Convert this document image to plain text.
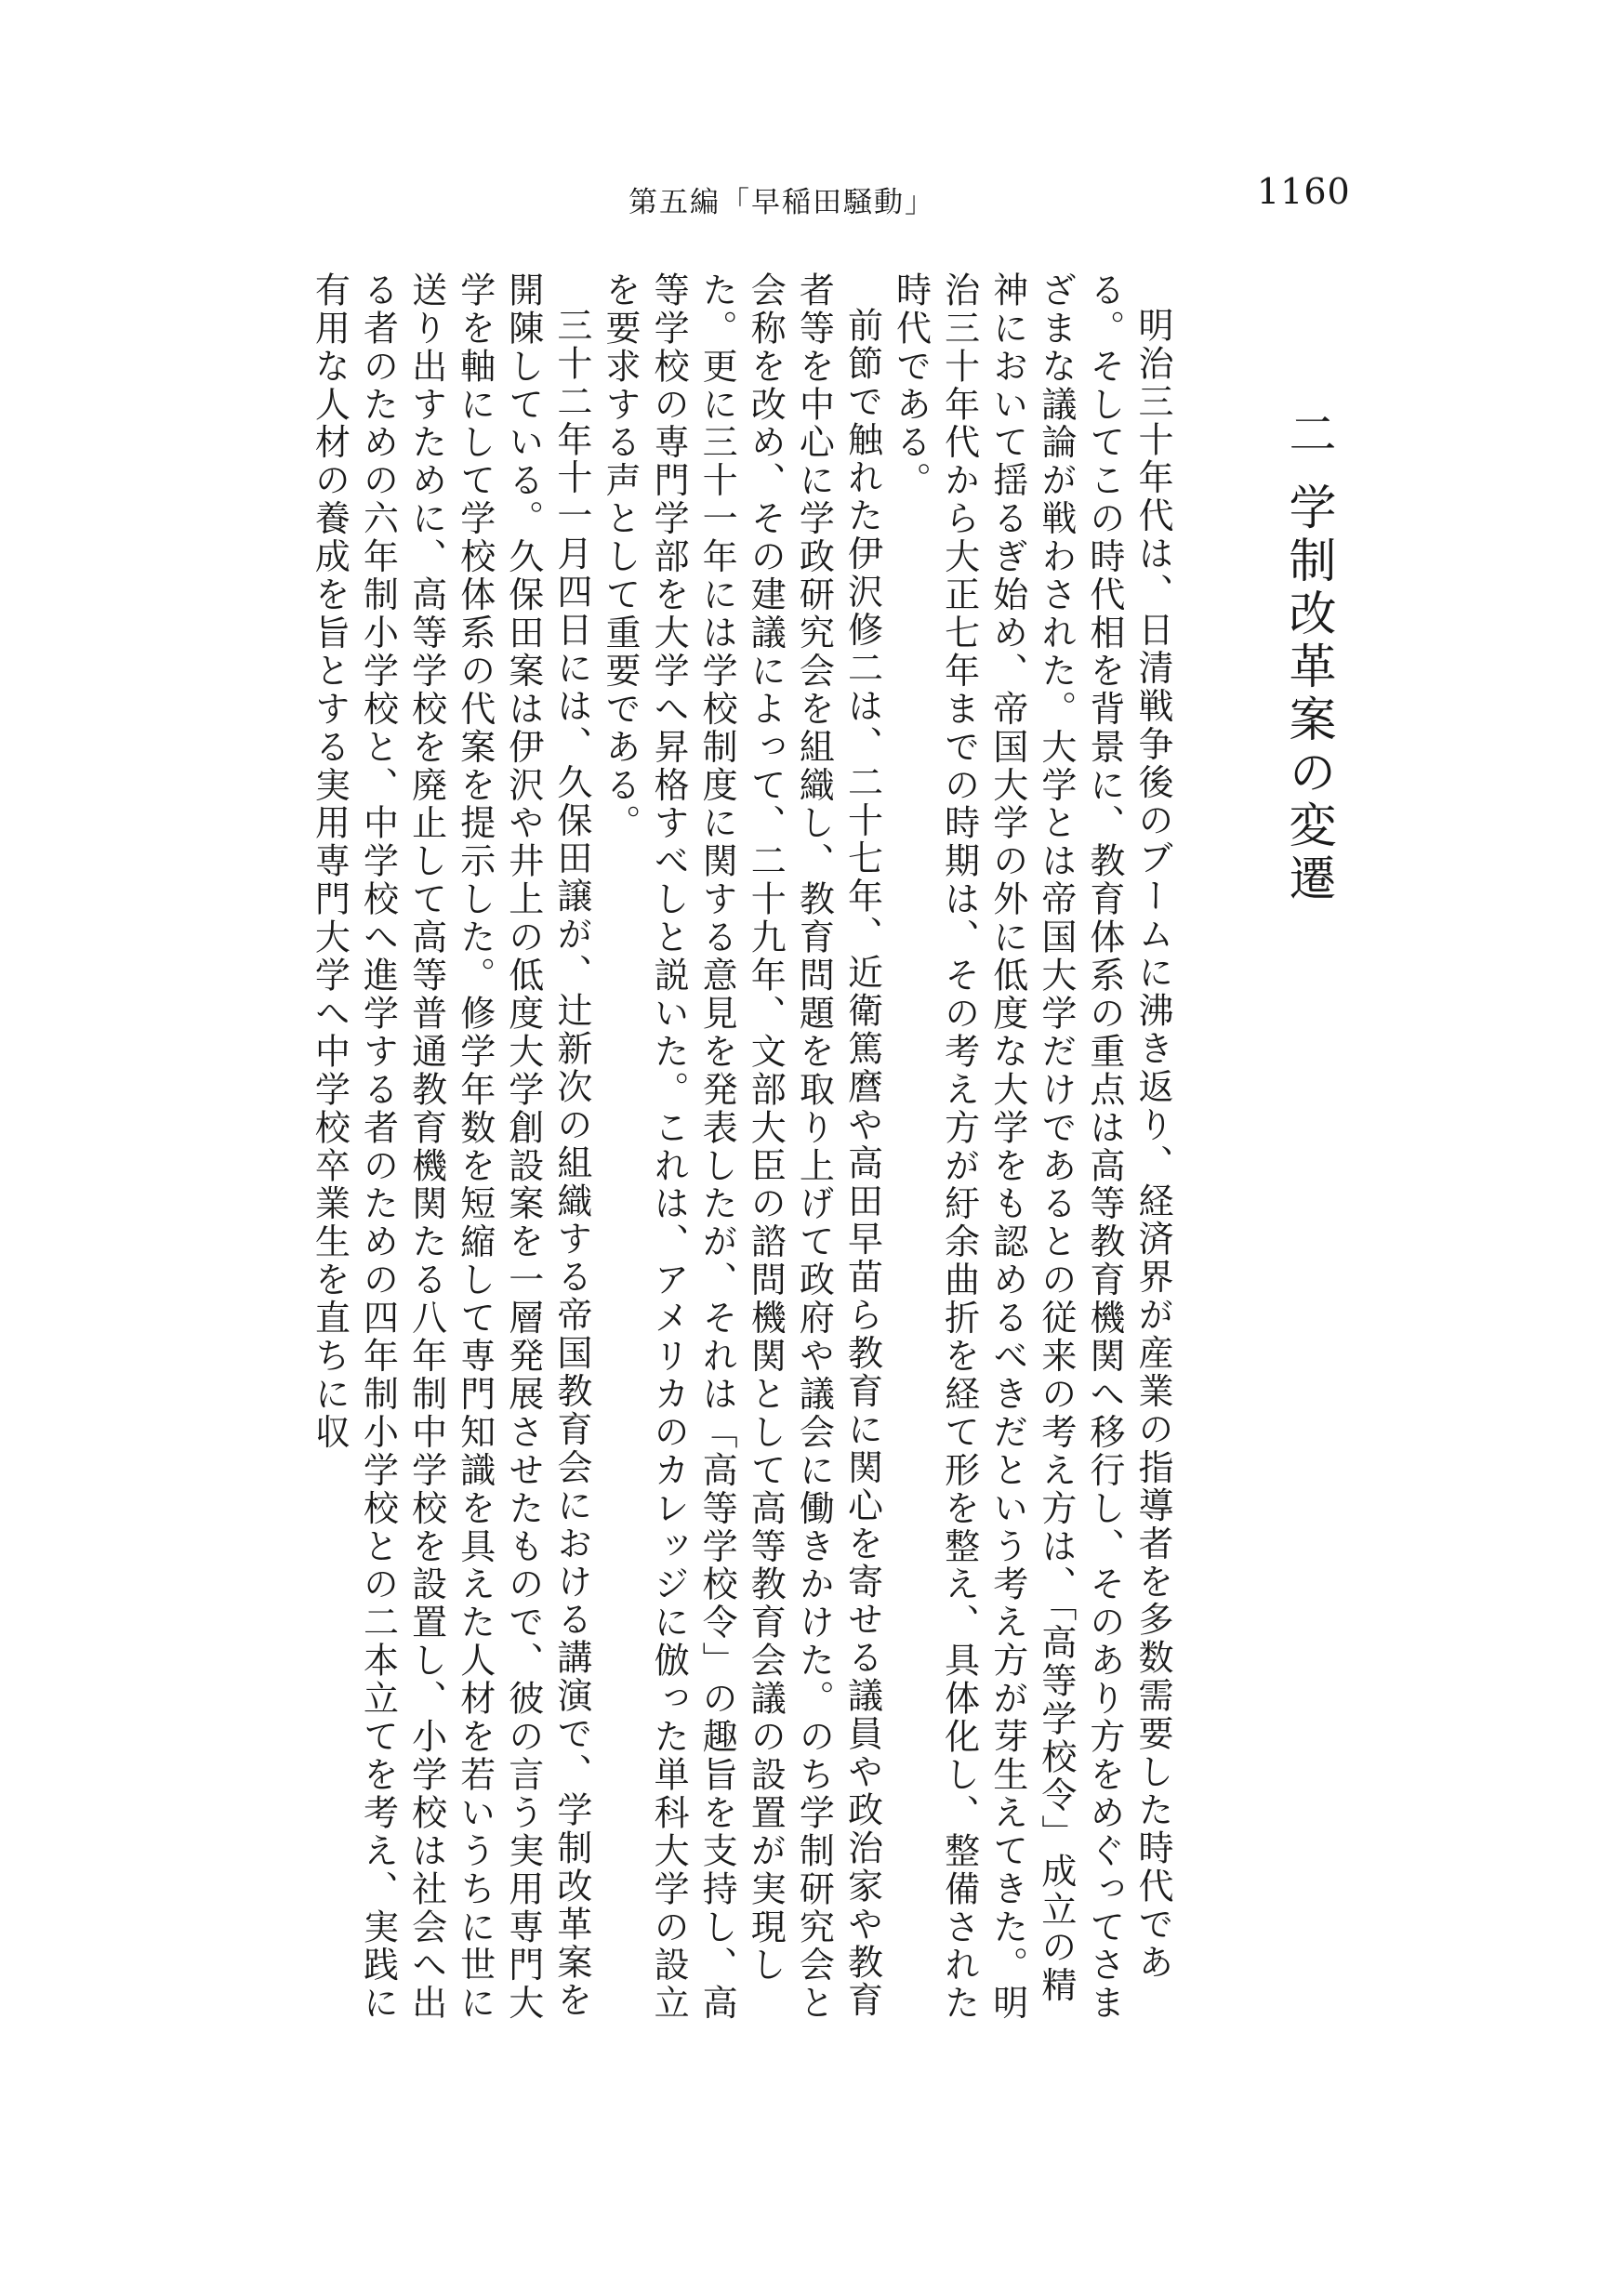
第五編「早稲田騒動」	1160
二 学制改革案の変遷

明治三十年代は、日清戦争後のブームに沸き返り、経済界が産業の指導者を多数需要した時代である。そしてこの時代相を背景に、教育体系の重点は高等教育機関へ移行し、そのあり方をめぐってさまざまな議論が戦わされた。大学とは帝国大学だけであるとの従来の考え方は、「高等学校令」成立の精神において揺るぎ始め、帝国大学の外に低度な大学をも認めるべきだという考え方が芽生えてきた。明治三十年代から大正七年までの時期は、その考え方が紆余曲折を経て形を整え、具体化し、整備された時代である。

前節で触れた伊沢修二は、二十七年、近衛篤麿や高田早苗ら教育に関心を寄せる議員や政治家や教育者等を中心に学政研究会を組織し、教育問題を取り上げて政府や議会に働きかけた。のち学制研究会と会称を改め、その建議によって、二十九年、文部大臣の諮問機関として高等教育会議の設置が実現した。更に三十一年には学校制度に関する意見を発表したが、それは「高等学校令」の趣旨を支持し、高等学校の専門学部を大学へ昇格すべしと説いた。これは、アメリカのカレッジに倣った単科大学の設立を要求する声として重要である。

三十二年十一月四日には、久保田譲が、辻新次の組織する帝国教育会における講演で、学制改革案を開陳している。久保田案は伊沢や井上の低度大学創設案を一層発展させたもので、彼の言う実用専門大学を軸にして学校体系の代案を提示した。修学年数を短縮して専門知識を具えた人材を若いうちに世に送り出すために、高等学校を廃止して高等普通教育機関たる八年制中学校を設置し、小学校は社会へ出る者のための六年制小学校と、中学校へ進学する者のための四年制小学校との二本立てを考え、実践に有用な人材の養成を旨とする実用専門大学へ中学校卒業生を直ちに収
